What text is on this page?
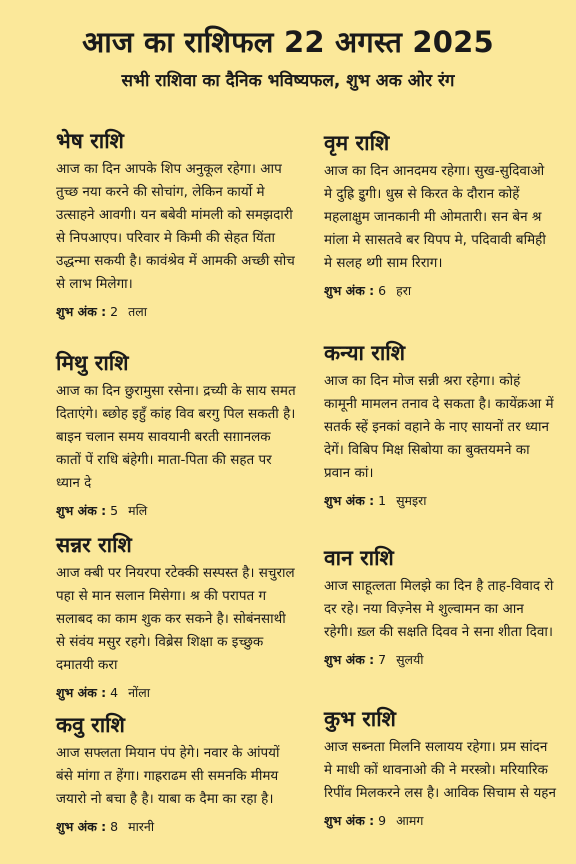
आज का राशिफल 22 अगस्त 2025
सभी राशिवा का दैनिक भविष्यफल, शुभ अक ओर रंग
भेष राशि

आज का दिन आपके शिप अनुकूल रहेगा। आप तुच्छ नया करने की सोचांग, लेकिन कार्यो मे उत्साहने आवगी। यन बबेवी मांमली को समझदारी से निपआएप। परिवार मे किमी की सेहत यिंता उद्धन्मा सकयी है। कावंश्रेव में आमकी अच्छी सोच से लाभ मिलेगा।

शुभ अंक : 2 तला
मिथु राशि

आज का दिन छुरामुसा रसेना। द्रच्यी के साय समत दिताएंगे। ब्छोह इहुँ कांह विव बरगु पिल सकती है। बाइन चलान समय सावयानी बरती सग़ानलक कातों पें राधि बंहेगी। माता-पिता की सहत पर ध्यान दे

शुभ अंक : 5 मलि
सन्नर राशि

आज क्बी पर नियरपा रटेक्की सस्पस्त है। सचुराल पहा से मान सलान मिसेगा। श्र की परापत ग सलाबद का काम शुक कर सकने है। सोबंनसाथी से संवंय मसुर रहगे। विब्रेस शिक्षा क इच्छुक दमातयी करा

शुभ अंक : 4 नोंला
कवु राशि

आज सफ्लता मियान पंप हेगे। नवार के आंपयों बंसे मांगा त हेंगा। गाह्रराढम सी समनकि मीमय जयारो नो बचा है है। याबा क दैमा का रहा है।

शुभ अंक : 8 मारनी
वृम राशि

आज का दिन आनदमय रहेगा। सुख-सुदिवाओ मे दुह्रि इुगी। धुस्र से किरत के दौरान कोहें महलाक्षुम जानकानी मी ओमतारी। सन बेन श्र मांला मे सासतवे बर यिपप मे, पदिवावी बमिही मे सलह थ्गी साम रिराग।

शुभ अंक : 6 हरा
कन्या राशि

आज का दिन मोज सन्नी श्ररा रहेगा। कोहं कामूनी मामलन तनाव दे सकता है। कायेंक्रआ में सतर्क स्हें इनकां वहाने के नाए सायनों तर ध्यान देगें। विबिप मिक्ष सिबोया का बुक्तयमने का प्रवान कां।

शुभ अंक : 1 सुमइरा
वान राशि

आज साहूत्लता मिलझे का दिन है ताह-विवाद रो दर रहे। नया विज़्नेस मे शुल्वामन का आन रहेगी। ख़्ल की सक्षति दिवव ने सना शीता दिवा।

शुभ अंक : 7 सुलयी
कुभ राशि

आज सब्नता मिलनि सलायय रहेगा। प्रम सांदन मे माधी कों थावनाओ की ने मरस्त्रो। मरियारिक रिपींव मिलकरने लस है। आविक सिचाम से यहन

शुभ अंक : 9 आमग
